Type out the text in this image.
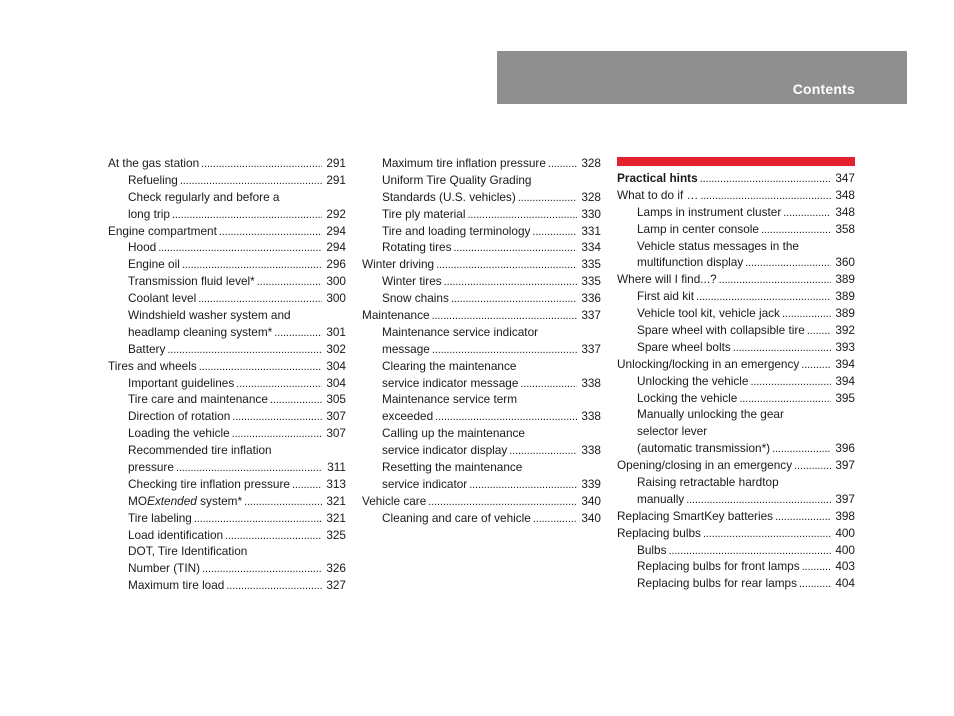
Contents
At the gas station . . .	291
Refueling . . .	291
Check regularly and before a
long trip . . .	292
Engine compartment . . .	294
Hood . . .	294
Engine oil . . .	296
Transmission fluid level* . . .	300
Coolant level . . .	300
Windshield washer system and
headlamp cleaning system* . . .	301
Battery . . .	302
Tires and wheels . . .	304
Important guidelines . . .	304
Tire care and maintenance . . .	305
Direction of rotation . . .	307
Loading the vehicle . . .	307
Recommended tire inflation
pressure . . .	311
Checking tire inflation pressure . . .	313
MOExtended system* . . .	321
Tire labeling . . .	321
Load identification . . .	325
DOT, Tire Identification
Number (TIN) . . .	326
Maximum tire load . . .	327
Maximum tire inflation pressure . . .	328
Uniform Tire Quality Grading
Standards (U.S. vehicles) . . .	328
Tire ply material . . .	330
Tire and loading terminology . . .	331
Rotating tires . . .	334
Winter driving . . .	335
Winter tires . . .	335
Snow chains . . .	336
Maintenance . . .	337
Maintenance service indicator
message . . .	337
Clearing the maintenance
service indicator message . . .	338
Maintenance service term
exceeded . . .	338
Calling up the maintenance
service indicator display . . .	338
Resetting the maintenance
service indicator . . .	339
Vehicle care . . .	340
Cleaning and care of vehicle . . .	340
Practical hints . . .	347
What to do if … . . .	348
Lamps in instrument cluster . . .	348
Lamp in center console . . .	358
Vehicle status messages in the
multifunction display . . .	360
Where will I find...? . . .	389
First aid kit . . .	389
Vehicle tool kit, vehicle jack . . .	389
Spare wheel with collapsible tire . . .	392
Spare wheel bolts . . .	393
Unlocking/locking in an emergency . . .	394
Unlocking the vehicle . . .	394
Locking the vehicle . . .	395
Manually unlocking the gear
selector lever
(automatic transmission*) . . .	396
Opening/closing in an emergency . . .	397
Raising retractable hardtop
manually . . .	397
Replacing SmartKey batteries . . .	398
Replacing bulbs . . .	400
Bulbs . . .	400
Replacing bulbs for front lamps . . .	403
Replacing bulbs for rear lamps . . .	404
